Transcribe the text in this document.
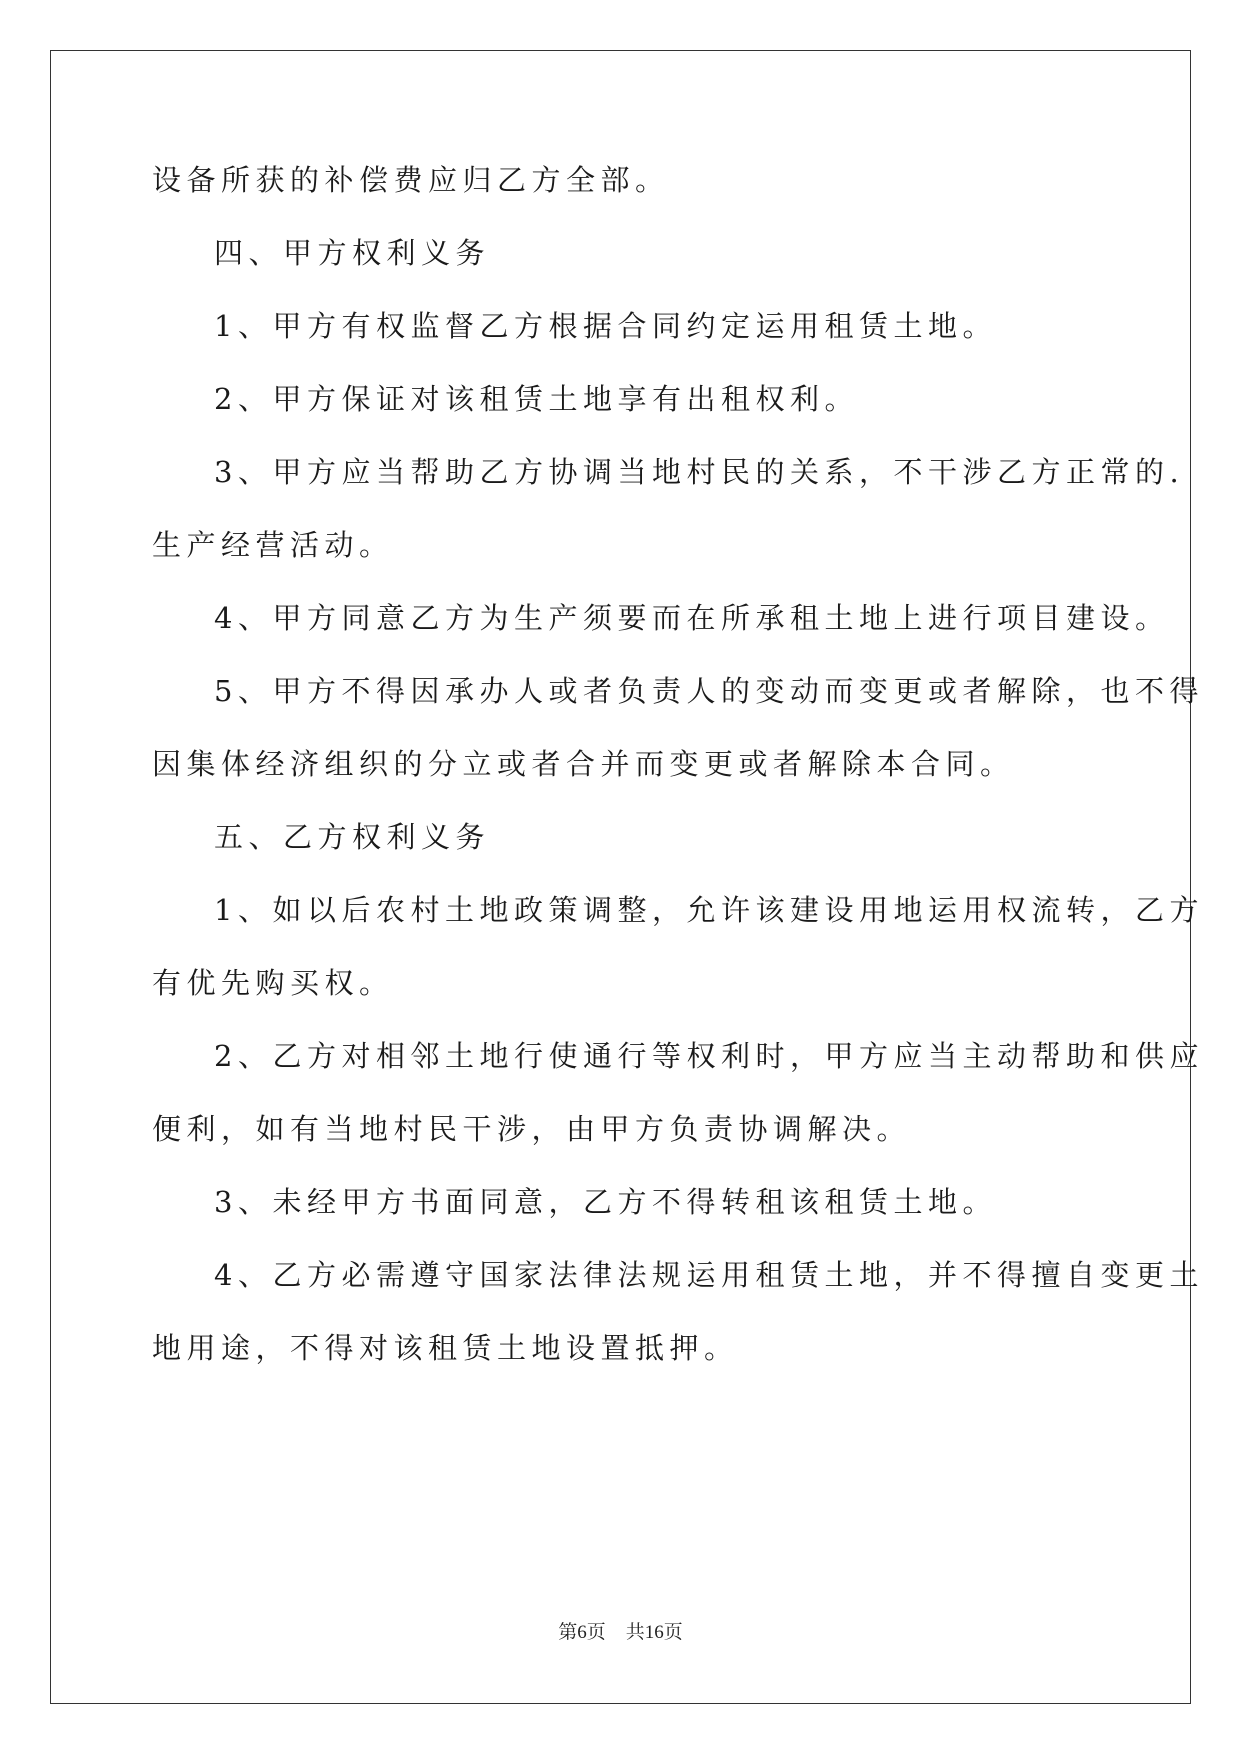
设备所获的补偿费应归乙方全部。
四、甲方权利义务
1、甲方有权监督乙方根据合同约定运用租赁土地。
2、甲方保证对该租赁土地享有出租权利。
3、甲方应当帮助乙方协调当地村民的关系，不干涉乙方正常的.
生产经营活动。
4、甲方同意乙方为生产须要而在所承租土地上进行项目建设。
5、甲方不得因承办人或者负责人的变动而变更或者解除，也不得
因集体经济组织的分立或者合并而变更或者解除本合同。
五、乙方权利义务
1、如以后农村土地政策调整，允许该建设用地运用权流转，乙方
有优先购买权。
2、乙方对相邻土地行使通行等权利时，甲方应当主动帮助和供应
便利，如有当地村民干涉，由甲方负责协调解决。
3、未经甲方书面同意，乙方不得转租该租赁土地。
4、乙方必需遵守国家法律法规运用租赁土地，并不得擅自变更土
地用途，不得对该租赁土地设置抵押。
第6页 共16页
